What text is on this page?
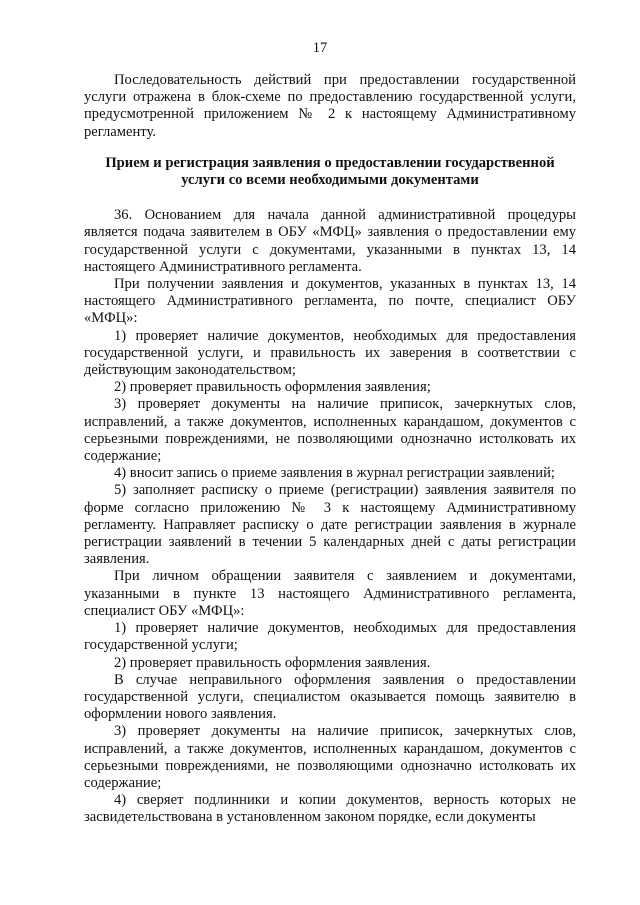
17

Последовательность действий при предоставлении государственной услуги отражена в блок-схеме по предоставлению государственной услуги, предусмотренной приложением № 2 к настоящему Административному регламенту.

Прием и регистрация заявления о предоставлении государственной услуги со всеми необходимыми документами

36. Основанием для начала данной административной процедуры является подача заявителем в ОБУ «МФЦ» заявления о предоставлении ему государственной услуги с документами, указанными в пунктах 13, 14 настоящего Административного регламента.

При получении заявления и документов, указанных в пунктах 13, 14 настоящего Административного регламента, по почте, специалист ОБУ «МФЦ»:

1) проверяет наличие документов, необходимых для предоставления государственной услуги, и правильность их заверения в соответствии с действующим законодательством;

2) проверяет правильность оформления заявления;

3) проверяет документы на наличие приписок, зачеркнутых слов, исправлений, а также документов, исполненных карандашом, документов с серьезными повреждениями, не позволяющими однозначно истолковать их содержание;

4) вносит запись о приеме заявления в журнал регистрации заявлений;

5) заполняет расписку о приеме (регистрации) заявления заявителя по форме согласно приложению № 3 к настоящему Административному регламенту. Направляет расписку о дате регистрации заявления в журнале регистрации заявлений в течении 5 календарных дней с даты регистрации заявления.

При личном обращении заявителя с заявлением и документами, указанными в пункте 13 настоящего Административного регламента, специалист ОБУ «МФЦ»:

1) проверяет наличие документов, необходимых для предоставления государственной услуги;

2) проверяет правильность оформления заявления.

В случае неправильного оформления заявления о предоставлении государственной услуги, специалистом оказывается помощь заявителю в оформлении нового заявления.

3) проверяет документы на наличие приписок, зачеркнутых слов, исправлений, а также документов, исполненных карандашом, документов с серьезными повреждениями, не позволяющими однозначно истолковать их содержание;

4) сверяет подлинники и копии документов, верность которых не засвидетельствована в установленном законом порядке, если документы
